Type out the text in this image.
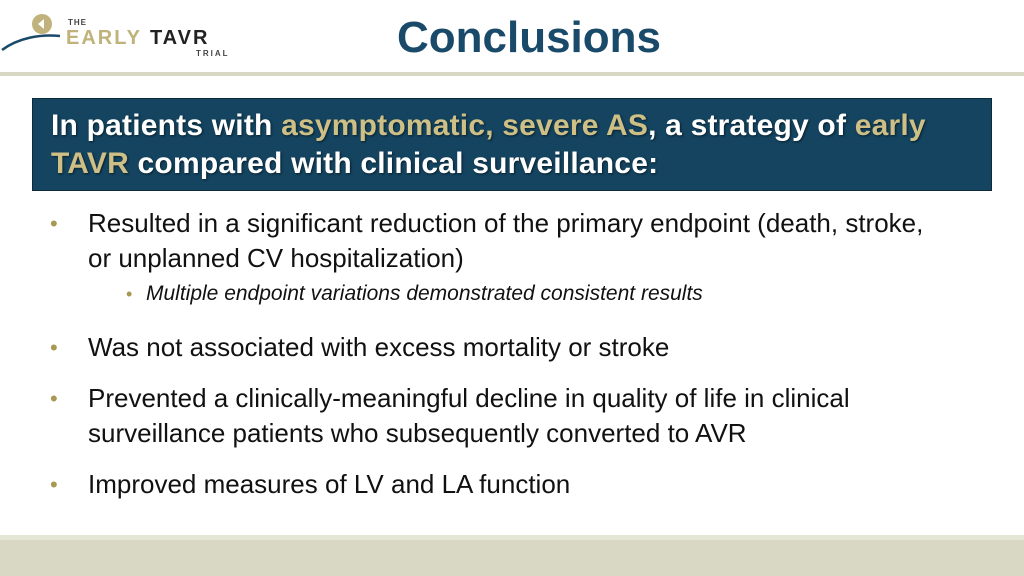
THE
EARLY TAVR
TRIAL	Conclusions
In patients with asymptomatic, severe AS, a strategy of early TAVR compared with clinical surveillance:
• Resulted in a significant reduction of the primary endpoint (death, stroke, or unplanned CV hospitalization)
• Multiple endpoint variations demonstrated consistent results
• Was not associated with excess mortality or stroke
• Prevented a clinically-meaningful decline in quality of life in clinical surveillance patients who subsequently converted to AVR
• Improved measures of LV and LA function
